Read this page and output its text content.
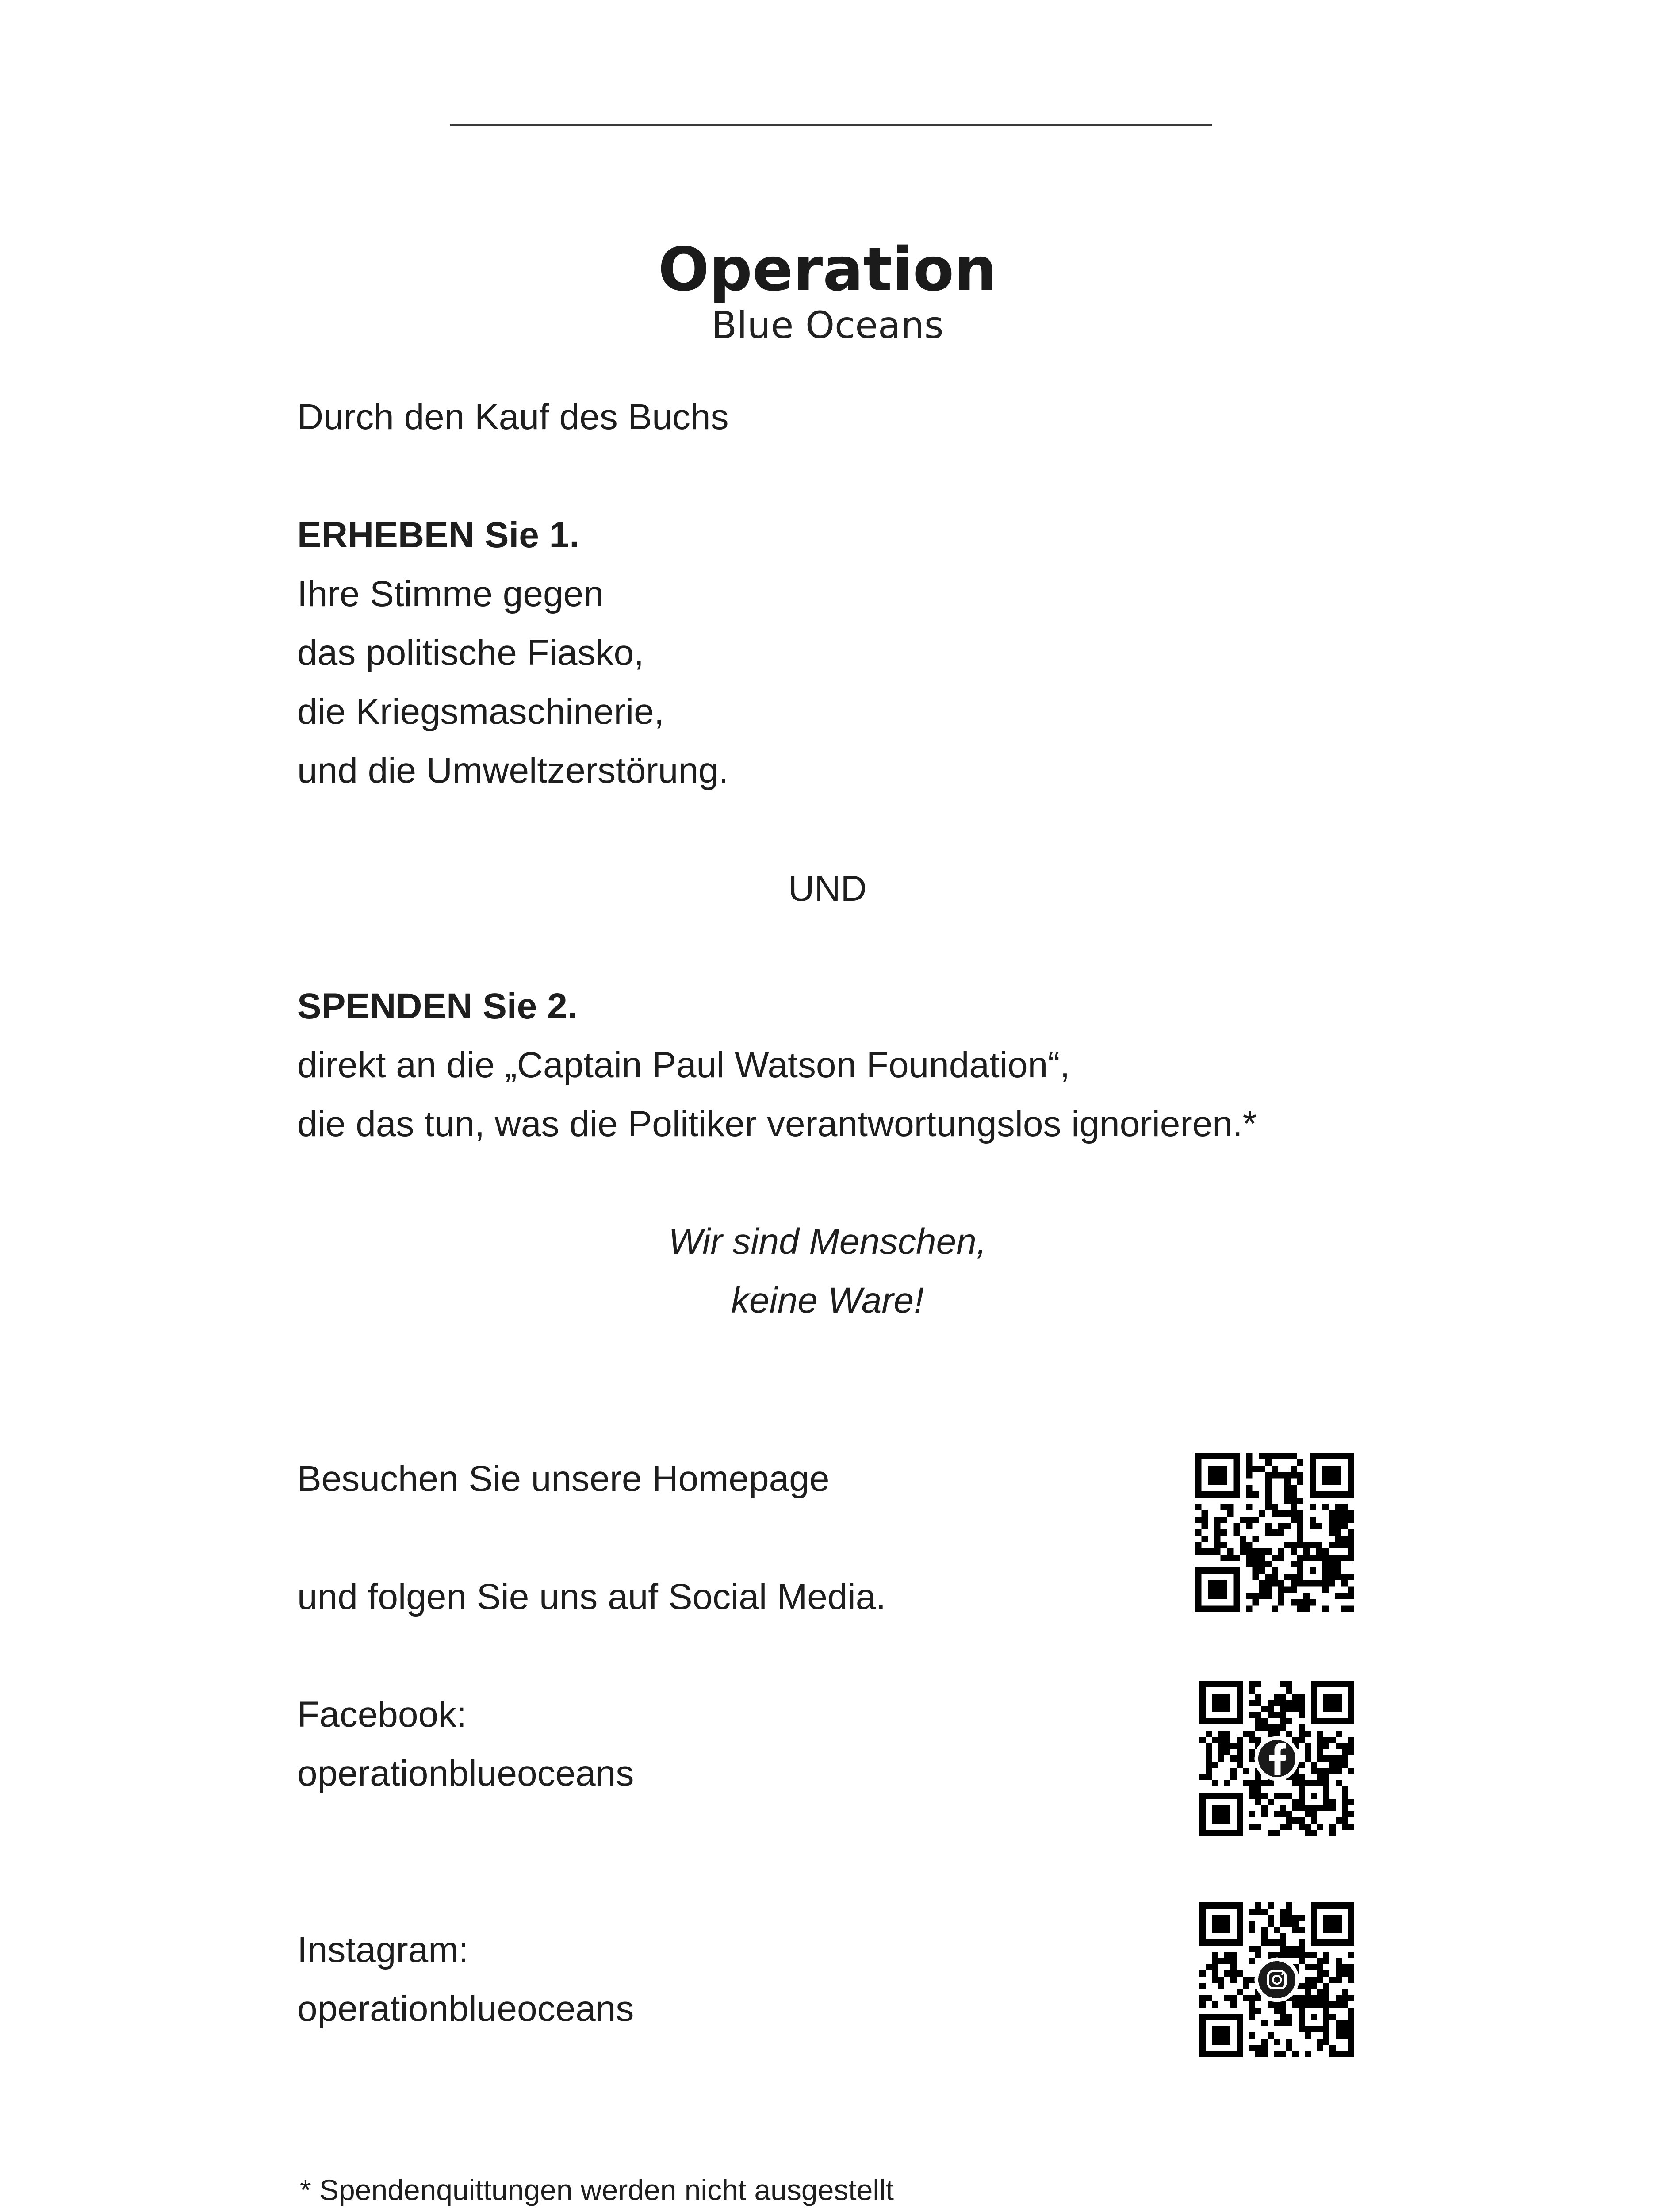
Operation
Blue Oceans
Durch den Kauf des Buchs
ERHEBEN Sie 1.
Ihre Stimme gegen
das politische Fiasko,
die Kriegsmaschinerie,
und die Umweltzerstörung.
UND
SPENDEN Sie 2.
direkt an die „Captain Paul Watson Foundation“,
die das tun, was die Politiker verantwortungslos ignorieren.*
Wir sind Menschen,
keine Ware!
Besuchen Sie unsere Homepage
und folgen Sie uns auf Social Media.
Facebook:
operationblueoceans
Instagram:
operationblueoceans
* Spendenquittungen werden nicht ausgestellt
